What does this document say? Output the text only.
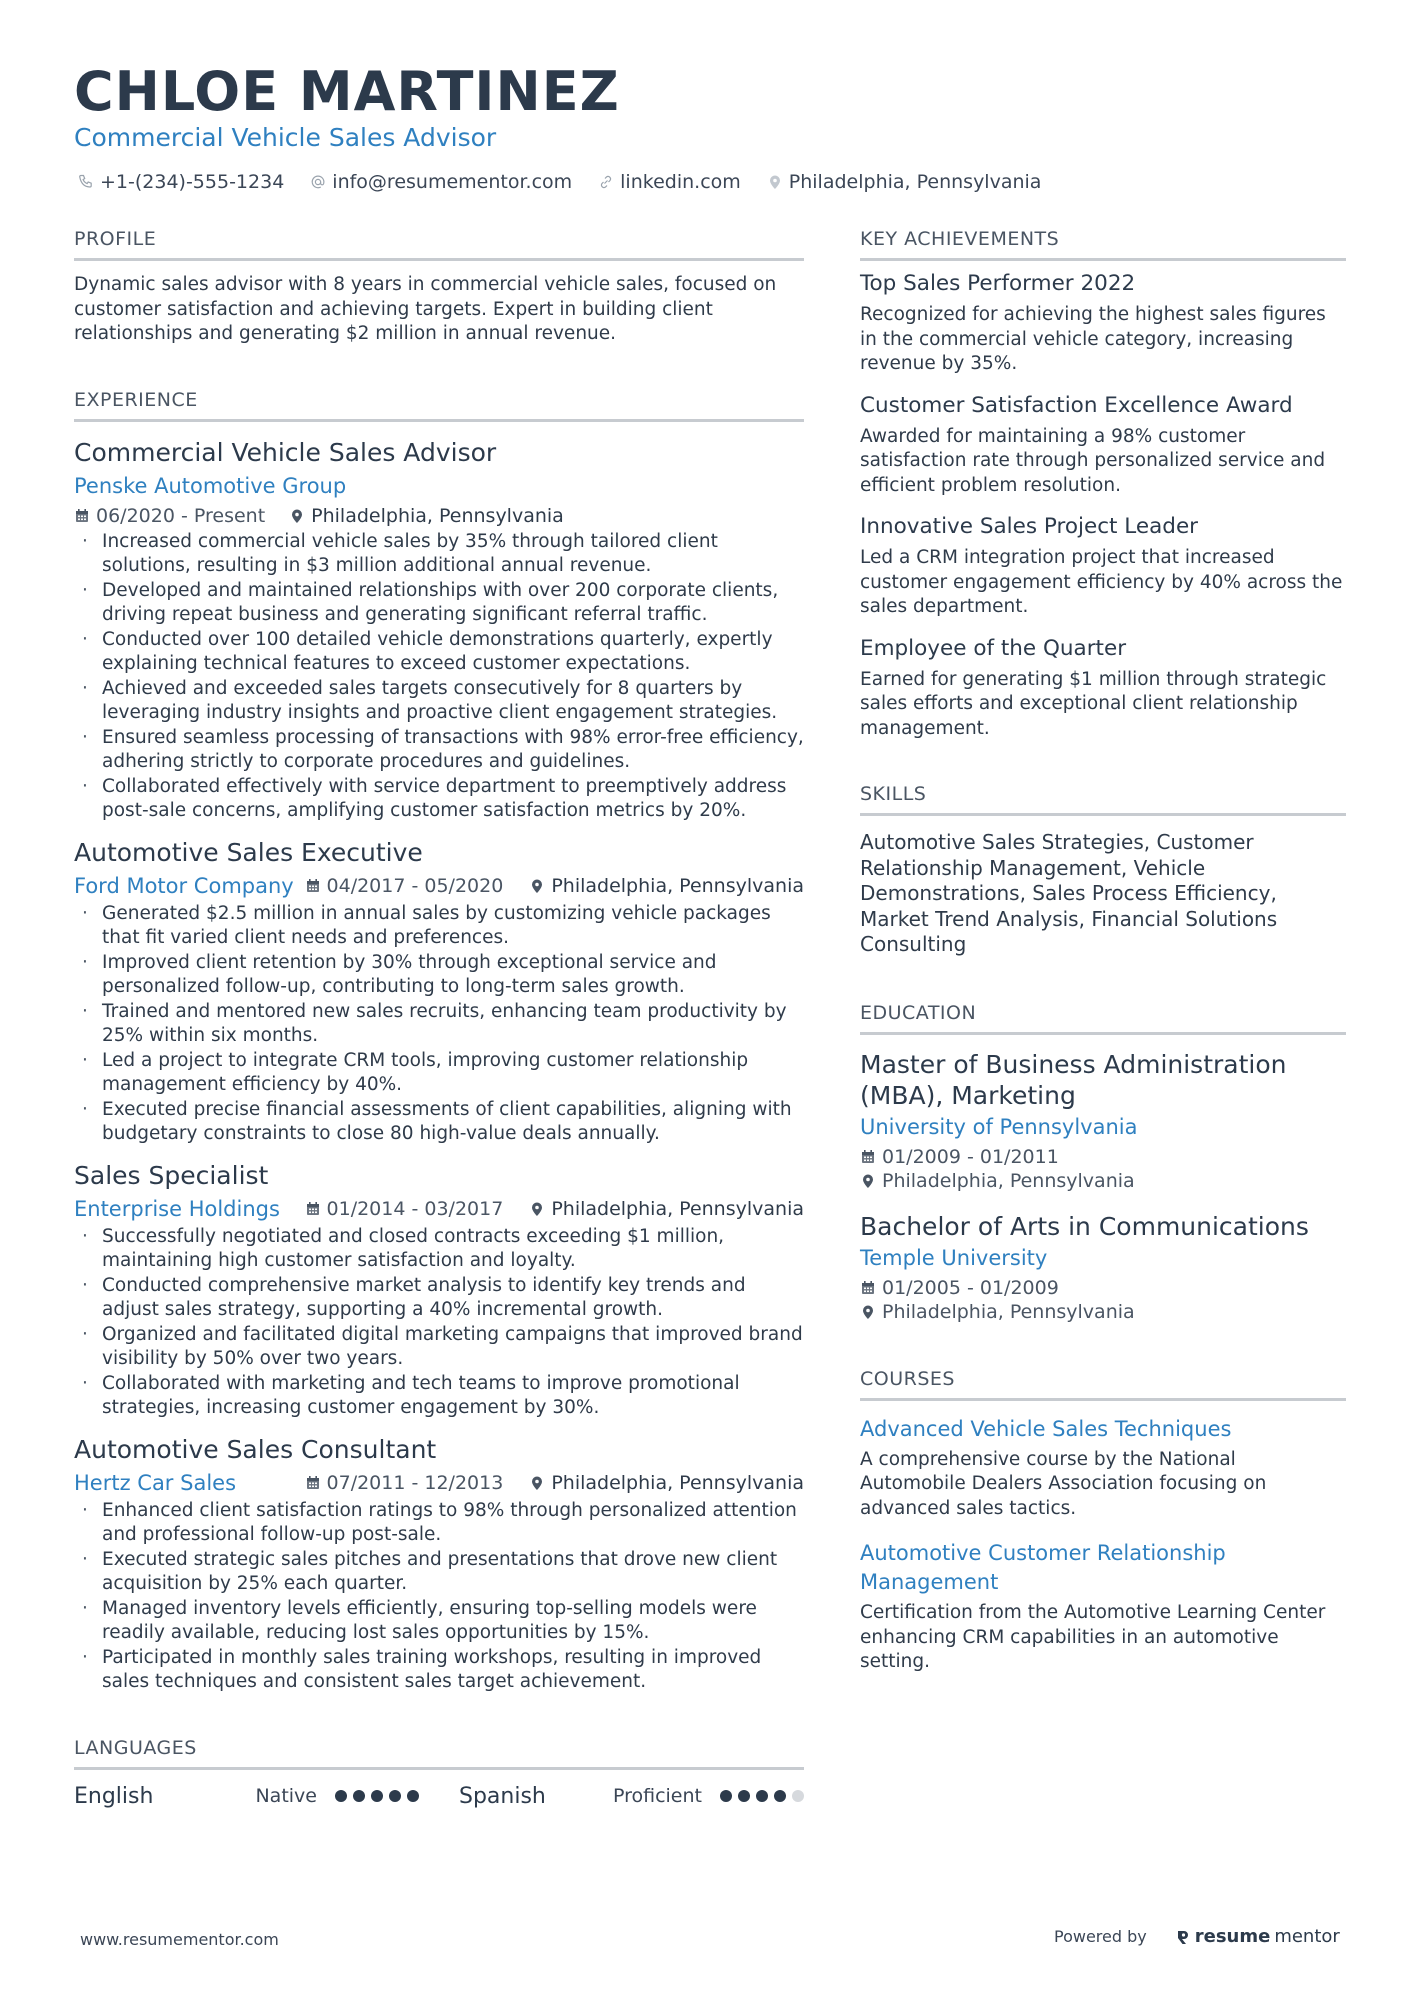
CHLOE MARTINEZ
Commercial Vehicle Sales Advisor
+1-(234)-555-1234	info@resumementor.com	linkedin.com	Philadelphia, Pennsylvania
PROFILE

Dynamic sales advisor with 8 years in commercial vehicle sales, focused on customer satisfaction and achieving targets. Expert in building client relationships and generating $2 million in annual revenue.

EXPERIENCE
Commercial Vehicle Sales Advisor
Penske Automotive Group
06/2020 - Present Philadelphia, Pennsylvania
· Increased commercial vehicle sales by 35% through tailored client solutions, resulting in $3 million additional annual revenue.
· Developed and maintained relationships with over 200 corporate clients, driving repeat business and generating significant referral traffic.
· Conducted over 100 detailed vehicle demonstrations quarterly, expertly explaining technical features to exceed customer expectations.
· Achieved and exceeded sales targets consecutively for 8 quarters by leveraging industry insights and proactive client engagement strategies.
· Ensured seamless processing of transactions with 98% error-free efficiency, adhering strictly to corporate procedures and guidelines.
· Collaborated effectively with service department to preemptively address post-sale concerns, amplifying customer satisfaction metrics by 20%.
Automotive Sales Executive
Ford Motor Company 04/2017 - 05/2020	Philadelphia, Pennsylvania
· Generated $2.5 million in annual sales by customizing vehicle packages that fit varied client needs and preferences.
· Improved client retention by 30% through exceptional service and personalized follow-up, contributing to long-term sales growth.
· Trained and mentored new sales recruits, enhancing team productivity by 25% within six months.
· Led a project to integrate CRM tools, improving customer relationship management efficiency by 40%.
· Executed precise financial assessments of client capabilities, aligning with budgetary constraints to close 80 high-value deals annually.
Sales Specialist
Enterprise Holdings 01/2014 - 03/2017	Philadelphia, Pennsylvania
· Successfully negotiated and closed contracts exceeding $1 million, maintaining high customer satisfaction and loyalty.
· Conducted comprehensive market analysis to identify key trends and adjust sales strategy, supporting a 40% incremental growth.
· Organized and facilitated digital marketing campaigns that improved brand visibility by 50% over two years.
· Collaborated with marketing and tech teams to improve promotional strategies, increasing customer engagement by 30%.
Automotive Sales Consultant
Hertz Car Sales	07/2011 - 12/2013	Philadelphia, Pennsylvania
· Enhanced client satisfaction ratings to 98% through personalized attention and professional follow-up post-sale.
· Executed strategic sales pitches and presentations that drove new client acquisition by 25% each quarter.
· Managed inventory levels efficiently, ensuring top-selling models were readily available, reducing lost sales opportunities by 15%.
· Participated in monthly sales training workshops, resulting in improved sales techniques and consistent sales target achievement.
LANGUAGES
English	Native	Spanish	Proficient
KEY ACHIEVEMENTS
Top Sales Performer 2022
Recognized for achieving the highest sales figures in the commercial vehicle category, increasing revenue by 35%.
Customer Satisfaction Excellence Award
Awarded for maintaining a 98% customer satisfaction rate through personalized service and efficient problem resolution.
Innovative Sales Project Leader
Led a CRM integration project that increased customer engagement efficiency by 40% across the sales department.
Employee of the Quarter
Earned for generating $1 million through strategic sales efforts and exceptional client relationship management.
SKILLS

Automotive Sales Strategies, Customer Relationship Management, Vehicle Demonstrations, Sales Process Efficiency, Market Trend Analysis, Financial Solutions Consulting

EDUCATION
Master of Business Administration (MBA), Marketing
University of Pennsylvania
01/2009 - 01/2011
Philadelphia, Pennsylvania
Bachelor of Arts in Communications
Temple University
01/2005 - 01/2009
Philadelphia, Pennsylvania
COURSES
Advanced Vehicle Sales Techniques
A comprehensive course by the National Automobile Dealers Association focusing on advanced sales tactics.
Automotive Customer Relationship Management
Certification from the Automotive Learning Center enhancing CRM capabilities in an automotive setting.
www.resumementor.com	Powered by	resume mentor
